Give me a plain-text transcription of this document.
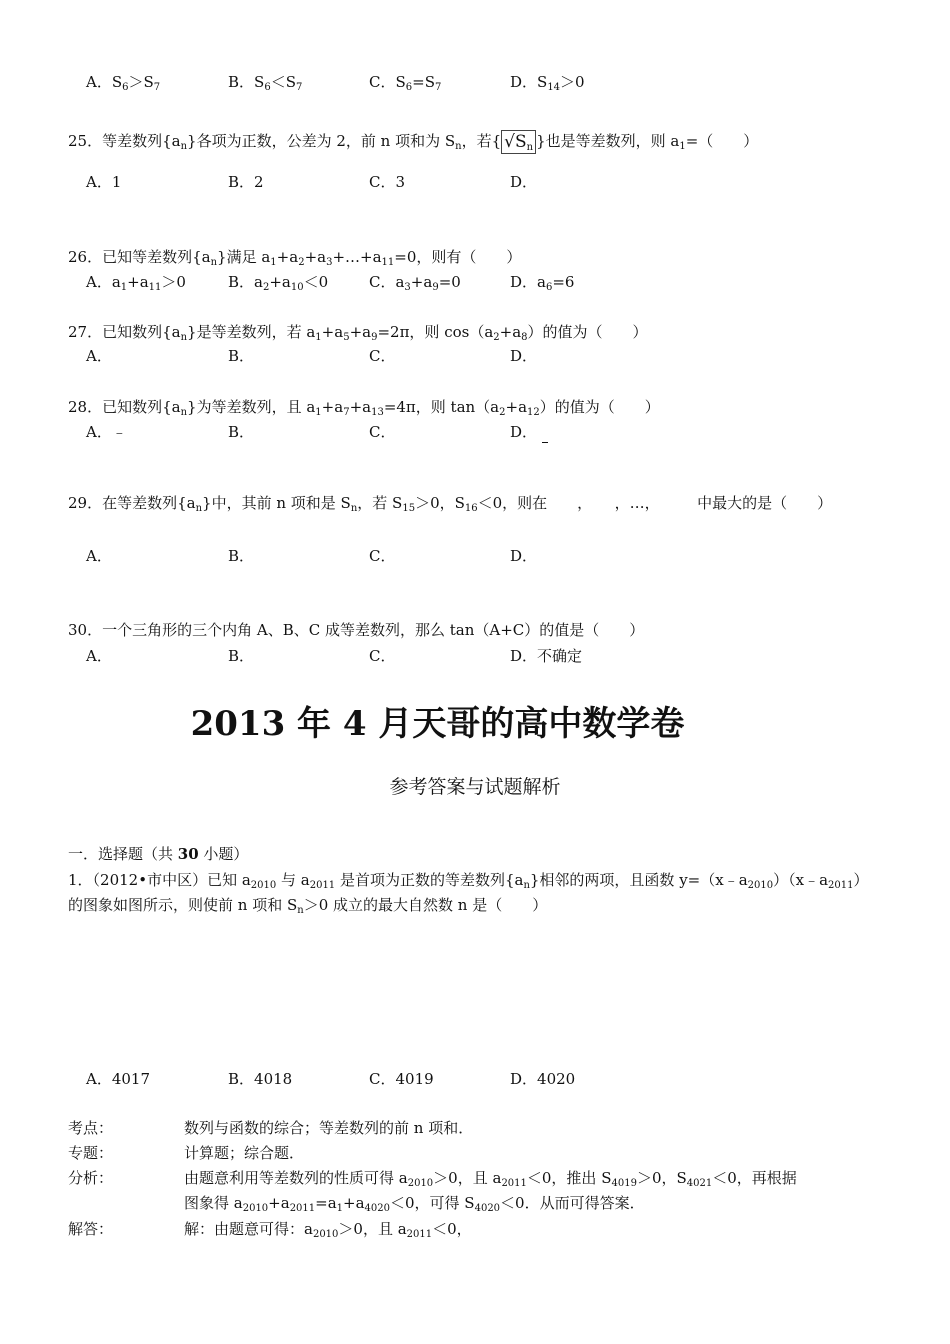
A．$S_6>S_7$	B．$S_6<S_7$	C．$S_6=S_7$	D．$S_{14}>0$
25．等差数列$\{a_n\}$各项为正数，公差为 2，前 n 项和为 $S_n$，若{ $√S_n$ }也是等差数列，则 $a_1=$（　　）
A．1	B．2	C．3	D．
26．已知等差数列$\{a_n\}$满足 $a_1+a_2+a_3+\dots+a_{11}=0$，则有（　　）
A．$a_1+a_{11}>0$	B．$a_2+a_{10}<0$	C．$a_3+a_9=0$	D．$a_6=6$
27．已知数列$\{a_n\}$是等差数列，若 $a_1+a_5+a_9=2\pi$，则 $\cos(a_2+a_8)$的值为（　　）
A．	B．	C．	D．
28．已知数列$\{a_n\}$为等差数列，且 $a_1+a_7+a_{13}=4\pi$，则 $\tan(a_2+a_{12})$的值为（　　）
A．﹣	B．	C．	D．
29．在等差数列$\{a_n\}$中，其前 n 项和是 $S_n$，若 $S_{15}>0$，$S_{16}<0$，则在　　，　　，…，　　　中最大的是（　　）
A．	B．	C．	D．
30．一个三角形的三个内角 A、B、C 成等差数列，那么 tan（A+C）的值是（　　）
A．	B．	C．	D．不确定
2013 年 4 月天哥的高中数学卷
参考答案与试题解析
一．选择题（共 30 小题）
1．（2012•市中区）已知 $a_{2010}$ 与 $a_{2011}$ 是首项为正数的等差数列$\{a_n\}$相邻的两项，且函数 $y=(x﹣a_{2010})(x﹣a_{2011})$
的图象如图所示，则使前 n 项和 $S_n>0$ 成立的最大自然数 n 是（　　）
A．4017	B．4018	C．4019	D．4020
考点：	数列与函数的综合；等差数列的前 n 项和．
专题：	计算题；综合题．
分析：	由题意利用等差数列的性质可得 $a_{2010}>0$，且 $a_{2011}<0$，推出 $S_{4019}>0$，$S_{4021}<0$，再根据
图象得 $a_{2010}+a_{2011}=a_1+a_{4020}<0$，可得 $S_{4020}<0$．从而可得答案．
解答：	解：由题意可得：$a_{2010}>0$，且 $a_{2011}<0$，
